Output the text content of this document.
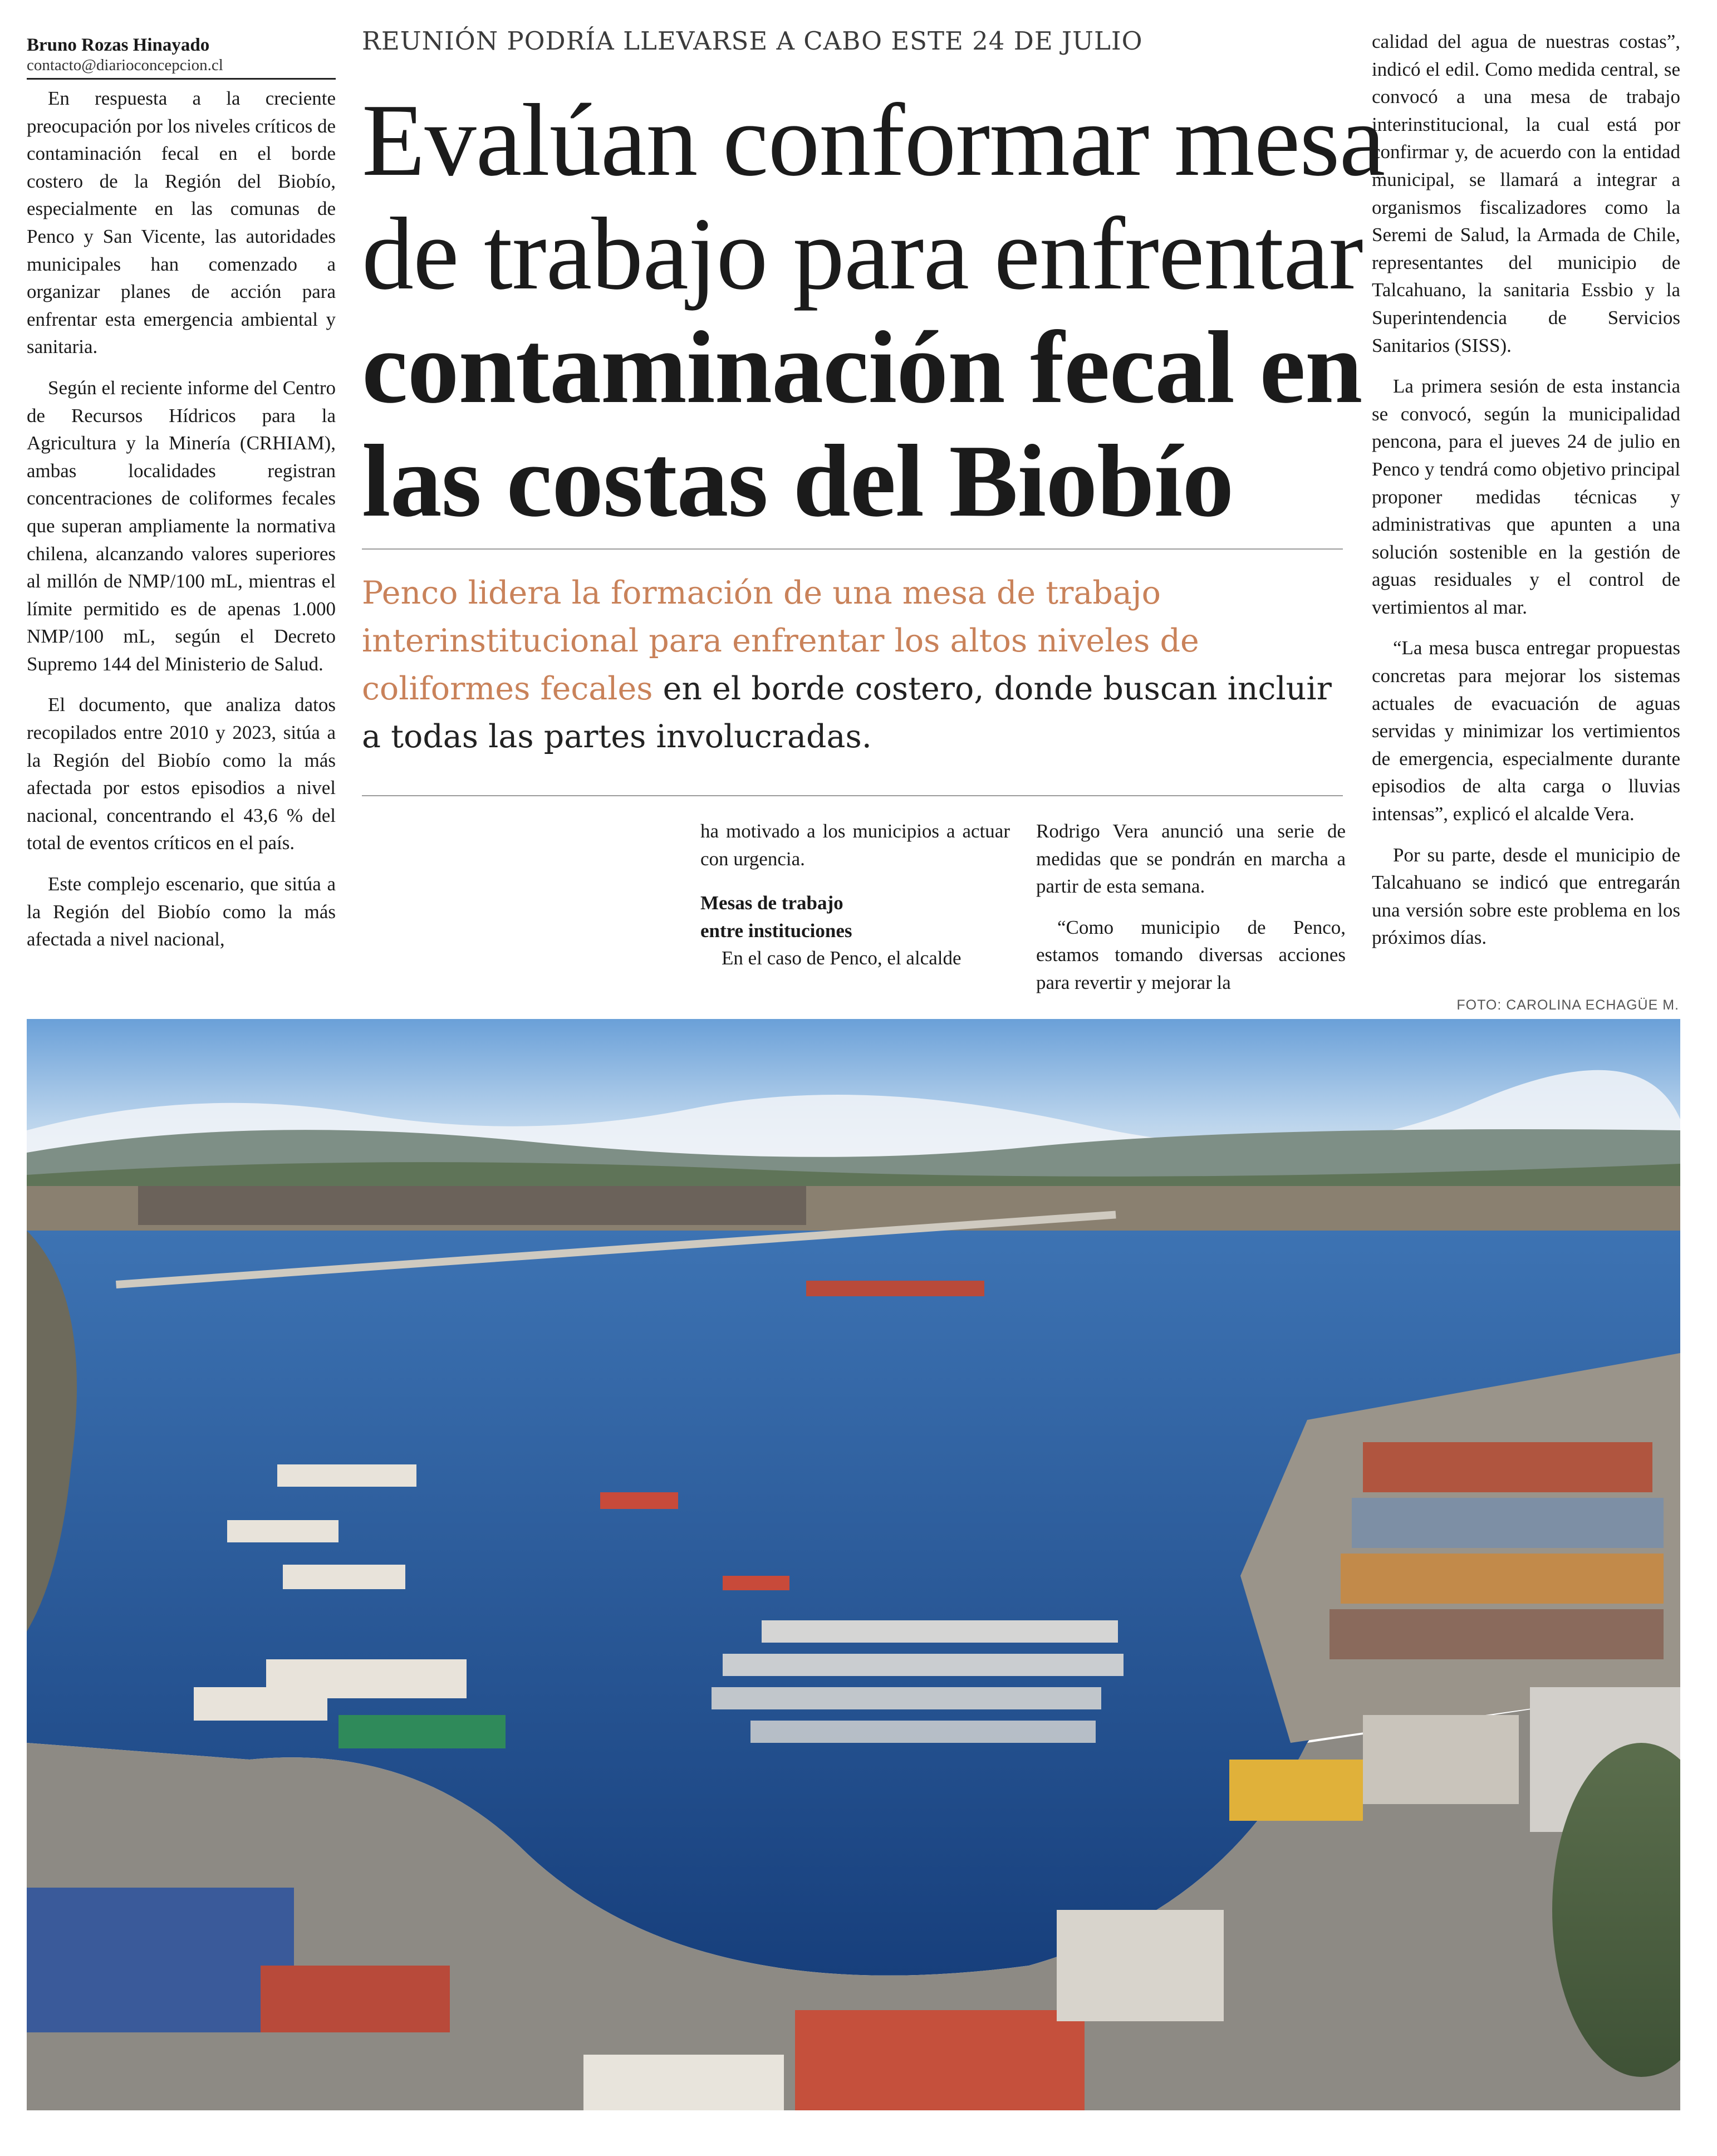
Bruno Rozas Hinayado
contacto@diarioconcepcion.cl

En respuesta a la creciente preocupación por los niveles críticos de contaminación fecal en el borde costero de la Región del Biobío, especialmente en las comunas de Penco y San Vicente, las autoridades municipales han comenzado a organizar planes de acción para enfrentar esta emergencia ambiental y sanitaria.

Según el reciente informe del Centro de Recursos Hídricos para la Agricultura y la Minería (CRHIAM), ambas localidades registran concentraciones de coliformes fecales que superan ampliamente la normativa chilena, alcanzando valores superiores al millón de NMP/100 mL, mientras el límite permitido es de apenas 1.000 NMP/100 mL, según el Decreto Supremo 144 del Ministerio de Salud.

El documento, que analiza datos recopilados entre 2010 y 2023, sitúa a la Región del Biobío como la más afectada por estos episodios a nivel nacional, concentrando el 43,6 % del total de eventos críticos en el país.

Este complejo escenario, que sitúa a la Región del Biobío como la más afectada a nivel nacional,

REUNIÓN PODRÍA LLEVARSE A CABO ESTE 24 DE JULIO
Evalúan conformar mesa
de trabajo para enfrentar
contaminación fecal en
las costas del Biobío
Penco lidera la formación de una mesa de trabajo interinstitucional para enfrentar los altos niveles de coliformes fecales en el borde costero, donde buscan incluir a todas las partes involucradas.

ha motivado a los municipios a actuar con urgencia.

Mesas de trabajo
entre instituciones

En el caso de Penco, el alcalde

Rodrigo Vera anunció una serie de medidas que se pondrán en marcha a partir de esta semana.

“Como municipio de Penco, estamos tomando diversas acciones para revertir y mejorar la

calidad del agua de nuestras costas”, indicó el edil. Como medida central, se convocó a una mesa de trabajo interinstitucional, la cual está por confirmar y, de acuerdo con la entidad municipal, se llamará a integrar a organismos fiscalizadores como la Seremi de Salud, la Armada de Chile, representantes del municipio de Talcahuano, la sanitaria Essbio y la Superintendencia de Servicios Sanitarios (SISS).

La primera sesión de esta instancia se convocó, según la municipalidad penconа, para el jueves 24 de julio en Penco y tendrá como objetivo principal proponer medidas técnicas y administrativas que apunten a una solución sostenible en la gestión de aguas residuales y el control de vertimientos al mar.

“La mesa busca entregar propuestas concretas para mejorar los sistemas actuales de evacuación de aguas servidas y minimizar los vertimientos de emergencia, especialmente durante episodios de alta carga o lluvias intensas”, explicó el alcalde Vera.

Por su parte, desde el municipio de Talcahuano se indicó que entregarán una versión sobre este problema en los próximos días.

FOTO: CAROLINA ECHAGÜE M.
